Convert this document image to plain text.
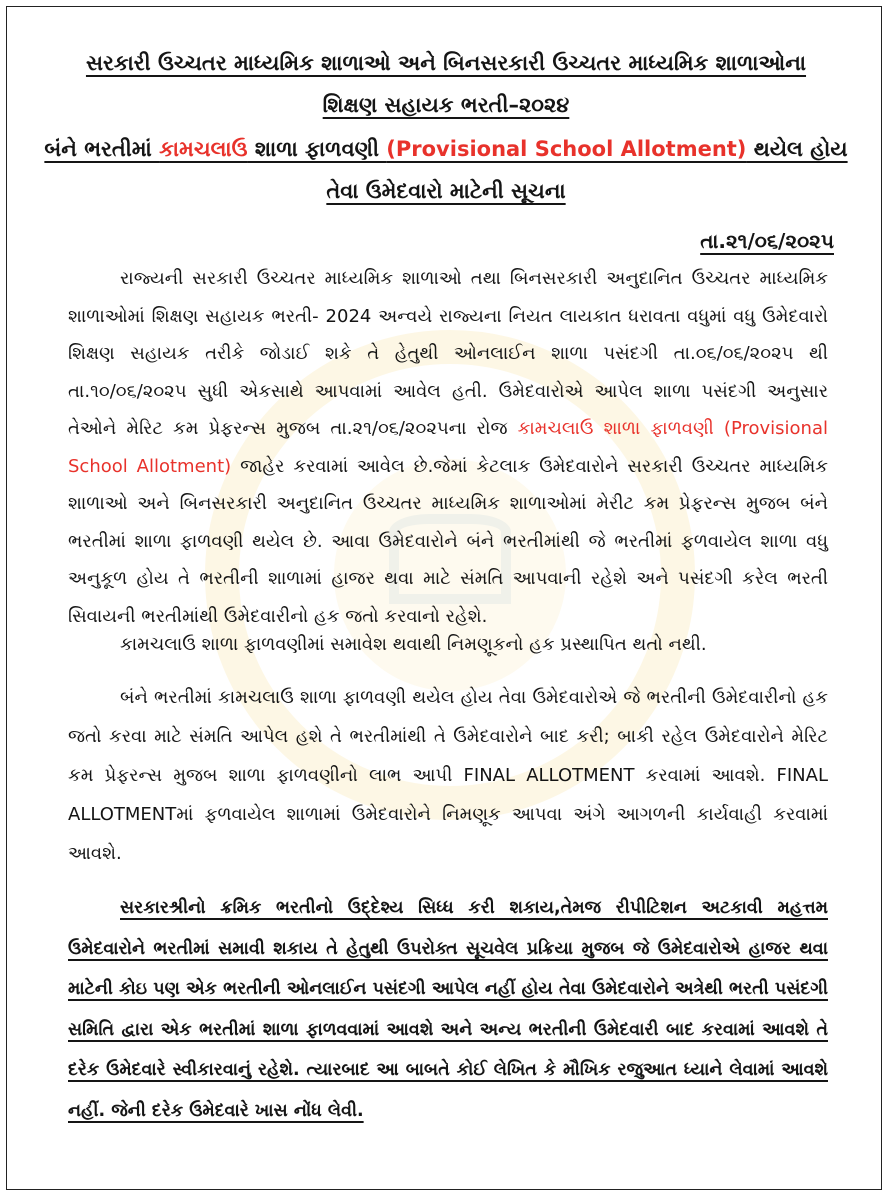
સરકારી ઉચ્ચતર માધ્યમિક શાળાઓ અને બિનસરકારી ઉચ્ચતર માધ્યમિક શાળાઓના
શિક્ષણ સહાયક ભરતી–૨૦૨૪
બંને ભરતીમાં કામચલાઉ શાળા ફાળવણી (Provisional School Allotment) થયેલ હોય
તેવા ઉમેદવારો માટેની સૂચના
તા.૨૧/૦૬/૨૦૨૫
રાજ્યની સરકારી ઉચ્ચતર માધ્યમિક શાળાઓ તથા બિનસરકારી અનુદાનિત ઉચ્ચતર માધ્યમિક શાળાઓમાં શિક્ષણ સહાયક ભરતી- 2024 અન્વયે રાજ્યના નિયત લાયકાત ધરાવતા વધુમાં વધુ ઉમેદવારો શિક્ષણ સહાયક તરીકે જોડાઈ શકે તે હેતુથી ઓનલાઈન શાળા પસંદગી તા.૦૬/૦૬/૨૦૨૫ થી તા.૧૦/૦૬/૨૦૨૫ સુધી એકસાથે આપવામાં આવેલ હતી. ઉમેદવારોએ આપેલ શાળા પસંદગી અનુસાર તેઓને મેરિટ કમ પ્રેફરન્સ મુજબ તા.૨૧/૦૬/૨૦૨૫ના રોજ કામચલાઉ શાળા ફાળવણી (Provisional School Allotment) જાહેર કરવામાં આવેલ છે.જેમાં કેટલાક ઉમેદવારોને સરકારી ઉચ્ચતર માધ્યમિક શાળાઓ અને બિનસરકારી અનુદાનિત ઉચ્ચતર માધ્યમિક શાળાઓમાં મેરીટ કમ પ્રેફરન્સ મુજબ બંને ભરતીમાં શાળા ફાળવણી થયેલ છે. આવા ઉમેદવારોને બંને ભરતીમાંથી જે ભરતીમાં ફળવાયેલ શાળા વધુ અનુકૂળ હોય તે ભરતીની શાળામાં હાજર થવા માટે સંમતિ આપવાની રહેશે અને પસંદગી કરેલ ભરતી સિવાયની ભરતીમાંથી ઉમેદવારીનો હક જતો કરવાનો રહેશે.
કામચલાઉ શાળા ફાળવણીમાં સમાવેશ થવાથી નિમણૂકનો હક પ્રસ્થાપિત થતો નથી.
બંને ભરતીમાં કામચલાઉ શાળા ફાળવણી થયેલ હોય તેવા ઉમેદવારોએ જે ભરતીની ઉમેદવારીનો હક જતો કરવા માટે સંમતિ આપેલ હશે તે ભરતીમાંથી તે ઉમેદવારોને બાદ કરી; બાકી રહેલ ઉમેદવારોને મેરિટ કમ પ્રેફરન્સ મુજબ શાળા ફાળવણીનો લાભ આપી FINAL ALLOTMENT કરવામાં આવશે. FINAL ALLOTMENTમાં ફળવાયેલ શાળામાં ઉમેદવારોને નિમણૂક આપવા અંગે આગળની કાર્યવાહી કરવામાં આવશે.
સરકારશ્રીનો ક્રમિક ભરતીનો ઉદ્દેશ્ય સિધ્ધ કરી શકાય,તેમજ રીપીટિશન અટકાવી મહત્તમ ઉમેદવારોને ભરતીમાં સમાવી શકાય તે હેતુથી ઉપરોક્ત સૂચવેલ પ્રક્રિયા મુજબ જે ઉમેદવારોએ હાજર થવા માટેની કોઇ પણ એક ભરતીની ઓનલાઈન પસંદગી આપેલ નહીં હોય તેવા ઉમેદવારોને અત્રેથી ભરતી પસંદગી સમિતિ દ્વારા એક ભરતીમાં શાળા ફાળવવામાં આવશે અને અન્ય ભરતીની ઉમેદવારી બાદ કરવામાં આવશે તે દરેક ઉમેદવારે સ્વીકારવાનું રહેશે. ત્યારબાદ આ બાબતે કોઈ લેખિત કે મૌખિક રજુઆત ધ્યાને લેવામાં આવશે નહીં. જેની દરેક ઉમેદવારે ખાસ નોંધ લેવી.
